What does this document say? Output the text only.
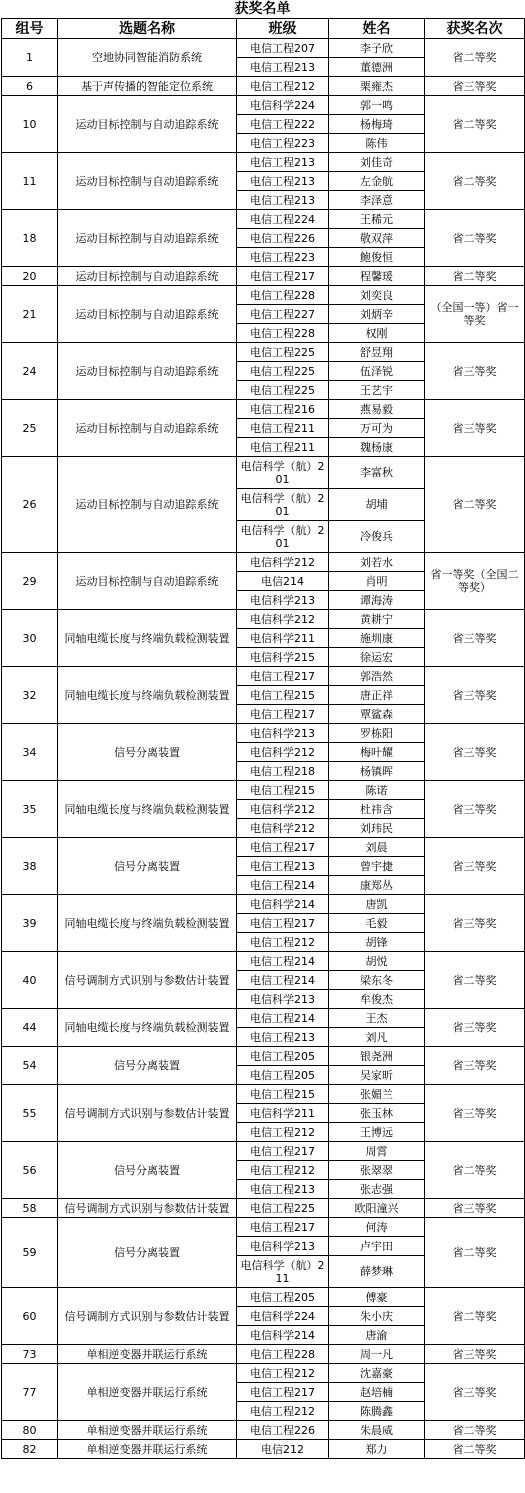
获奖名单
组号	选题名称	班级	姓名	获奖名次
1	空地协同智能消防系统	电信工程207	李子欣	省二等奖
		电信工程213	董德洲	
6	基于声传播的智能定位系统	电信工程212	栗雍杰	省三等奖
10	运动目标控制与自动追踪系统	电信科学224	郭一鸣	省二等奖
		电信工程222	杨梅琦	
		电信工程223	陈伟	
11	运动目标控制与自动追踪系统	电信工程213	刘佳奇	省二等奖
		电信工程213	左金航	
		电信工程213	李泽意	
18	运动目标控制与自动追踪系统	电信工程224	王稀元	省二等奖
		电信工程226	敬双萍	
		电信工程223	鲍俊恒	
20	运动目标控制与自动追踪系统	电信工程217	程馨瑗	省二等奖
21	运动目标控制与自动追踪系统	电信工程228	刘奕良	（全国一等）省一等奖
		电信工程227	刘炳辛	
		电信工程228	权刚	
24	运动目标控制与自动追踪系统	电信工程225	舒昱翔	省三等奖
		电信工程225	伍泽锐	
		电信工程225	王艺宇	
25	运动目标控制与自动追踪系统	电信工程216	燕易毅	省三等奖
		电信工程211	万可为	
		电信工程211	魏杨康	
26	运动目标控制与自动追踪系统	电信科学（航）201	李富秋	省二等奖
		电信科学（航）201	胡埔	
		电信科学（航）201	冷俊兵	
29	运动目标控制与自动追踪系统	电信科学212	刘若水	省一等奖（全国二等奖）
		电信214	肖明	
		电信科学213	谭海涛	
30	同轴电缆长度与终端负载检测装置	电信科学212	黄耕宁	省三等奖
		电信科学211	施圳康	
		电信科学215	徐运宏	
32	同轴电缆长度与终端负载检测装置	电信工程217	郭浩然	省三等奖
		电信工程215	唐正祥	
		电信工程217	覃鲨森	
34	信号分离装置	电信科学213	罗栋阳	省三等奖
		电信科学212	梅叶耀	
		电信工程218	杨镇晖	
35	同轴电缆长度与终端负载检测装置	电信工程215	陈诺	省三等奖
		电信科学212	杜祎含	
		电信科学212	刘玮民	
38	信号分离装置	电信工程217	刘晨	省三等奖
		电信工程213	曾宇捷	
		电信工程214	康郑丛	
39	同轴电缆长度与终端负载检测装置	电信科学214	唐凯	省三等奖
		电信工程217	毛毅	
		电信工程212	胡锋	
40	信号调制方式识别与参数估计装置	电信工程214	胡悦	省二等奖
		电信工程214	梁东冬	
		电信科学213	牟俊杰	
44	同轴电缆长度与终端负载检测装置	电信工程214	王杰	省三等奖
		电信工程213	刘凡	
54	信号分离装置	电信工程205	银尧洲	省三等奖
		电信工程205	吴家昕	
55	信号调制方式识别与参数估计装置	电信工程215	张媚兰	省三等奖
		电信科学211	张玉林	
		电信工程212	王博远	
56	信号分离装置	电信工程217	周霄	省二等奖
		电信工程212	张翠翠	
		电信工程213	张志强	
58	信号调制方式识别与参数估计装置	电信工程225	欧阳潼兴	省三等奖
59	信号分离装置	电信工程217	何涛	省二等奖
		电信科学213	卢宇田	
		电信科学（航）211	薛梦琳	
60	信号调制方式识别与参数估计装置	电信工程205	傅豪	省二等奖
		电信科学224	朱小庆	
		电信科学214	唐渝	
73	单相逆变器并联运行系统	电信工程228	周一凡	省三等奖
77	单相逆变器并联运行系统	电信工程212	沈嘉豪	省三等奖
		电信工程217	赵培楠	
		电信工程212	陈腾鑫	
80	单相逆变器并联运行系统	电信工程226	朱晨威	省二等奖
82	单相逆变器并联运行系统	电信212	郑力	省二等奖
